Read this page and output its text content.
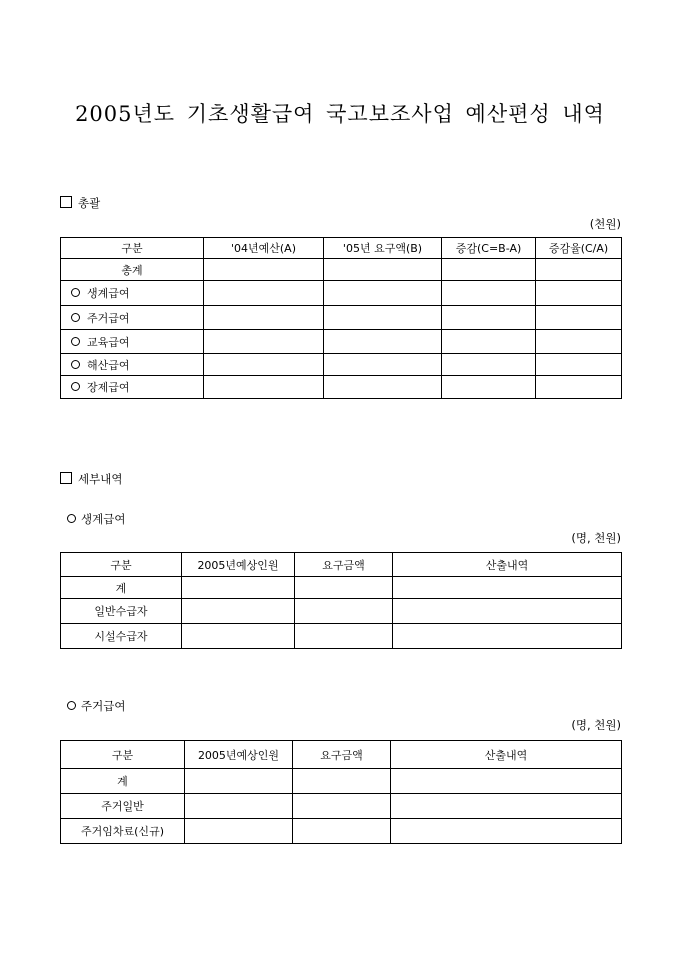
2005년도 기초생활급여 국고보조사업 예산편성 내역
총괄
(천원)
구분	'04년예산(A)	'05년 요구액(B)	증감(C=B-A)	증감율(C/A)
총계				
생계급여				
주거급여				
교육급여				
해산급여				
장제급여				
세부내역
생계급여
(명, 천원)
구분	2005년예상인원	요구금액	산출내역
계			
일반수급자			
시설수급자			
주거급여
(명, 천원)
구분	2005년예상인원	요구금액	산출내역
계			
주거일반			
주거임차료(신규)			
